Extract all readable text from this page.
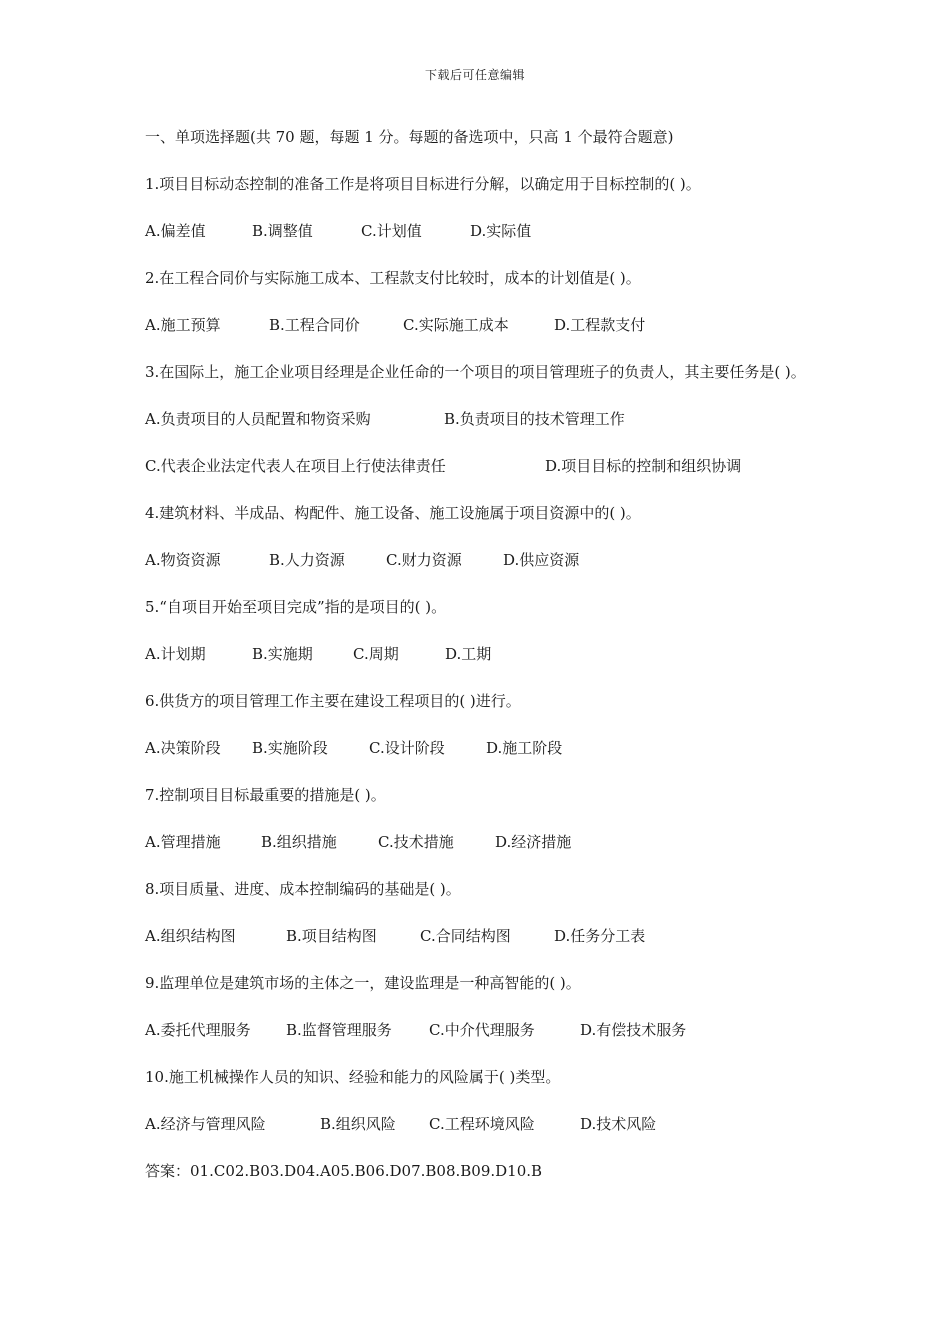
下载后可任意编辑
一、单项选择题(共 70 题，每题 1 分。每题的备选项中，只高 1 个最符合题意)
1.项目目标动态控制的准备工作是将项目目标进行分解，以确定用于目标控制的( )。
A.偏差值	B.调整值	C.计划值	D.实际值
2.在工程合同价与实际施工成本、工程款支付比较时，成本的计划值是( )。
A.施工预算	B.工程合同价	C.实际施工成本	D.工程款支付
3.在国际上，施工企业项目经理是企业任命的一个项目的项目管理班子的负责人，其主要任务是( )。
A.负责项目的人员配置和物资采购	B.负责项目的技术管理工作
C.代表企业法定代表人在项目上行使法律责任	D.项目目标的控制和组织协调
4.建筑材料、半成品、构配件、施工设备、施工设施属于项目资源中的( )。
A.物资资源	B.人力资源	C.财力资源	D.供应资源
5.“自项目开始至项目完成”指的是项目的( )。
A.计划期	B.实施期	C.周期	D.工期
6.供货方的项目管理工作主要在建设工程项目的( )进行。
A.决策阶段 B.实施阶段	C.设计阶段	D.施工阶段
7.控制项目目标最重要的措施是( )。
A.管理措施	B.组织措施	C.技术措施	D.经济措施
8.项目质量、进度、成本控制编码的基础是( )。
A.组织结构图	B.项目结构图	C.合同结构图	D.任务分工表
9.监理单位是建筑市场的主体之一，建设监理是一种高智能的( )。
A.委托代理服务 B.监督管理服务 C.中介代理服务	D.有偿技术服务
10.施工机械操作人员的知识、经验和能力的风险属于( )类型。
A.经济与管理风险	B.组织风险 C.工程环境风险	D.技术风险
答案：01.C02.B03.D04.A05.B06.D07.B08.B09.D10.B
